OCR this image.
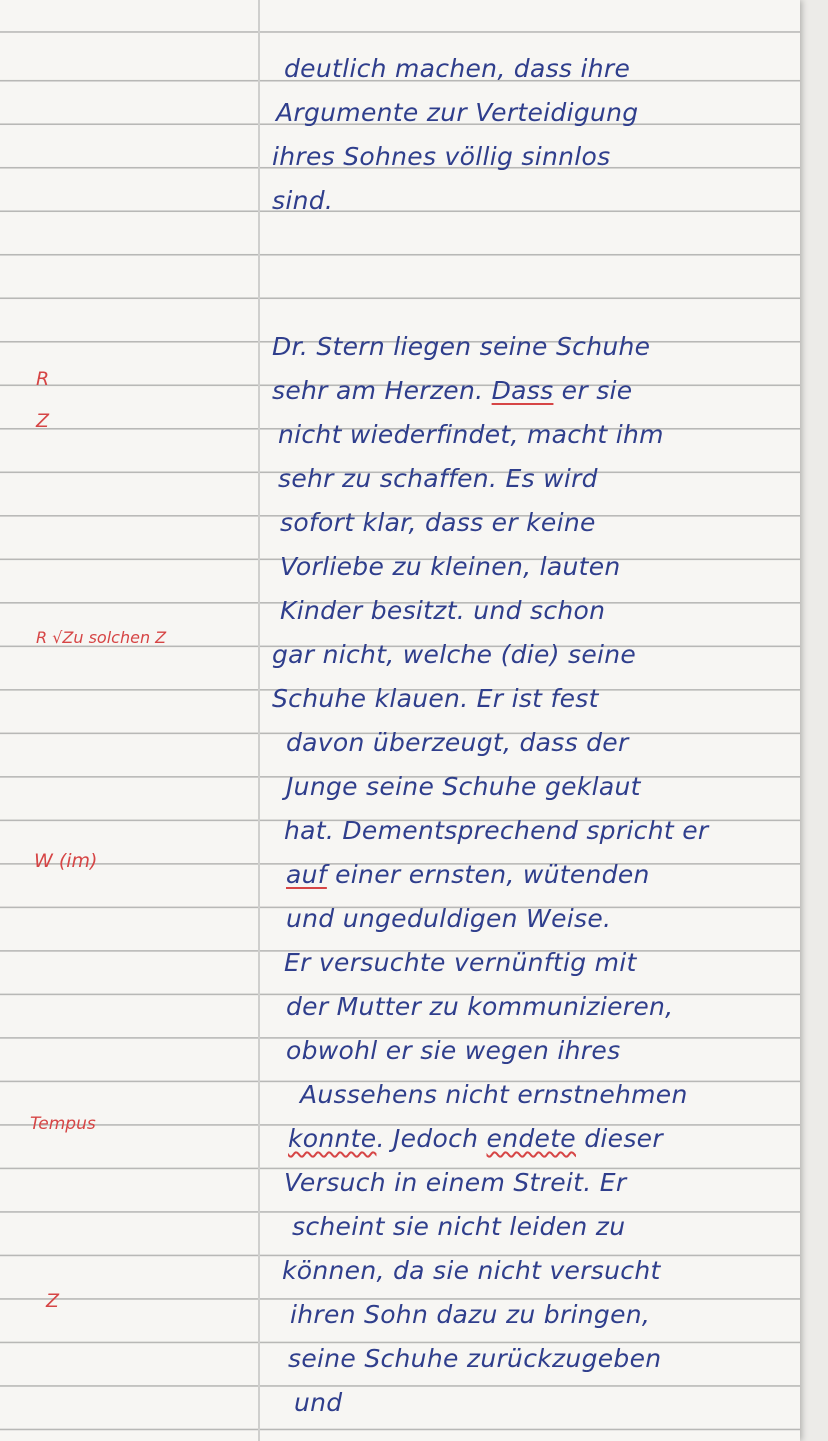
R
Z
R √Zu solchen Z
W (im)
Tempus
Z
deutlich machen, dass ihre
Argumente zur Verteidigung
ihres Sohnes völlig sinnlos
sind.
Dr. Stern liegen seine Schuhe
sehr am Herzen. Dass er sie
nicht wiederfindet, macht ihm
sehr zu schaffen. Es wird
sofort klar, dass er keine
Vorliebe zu kleinen, lauten
Kinder besitzt. und schon
gar nicht, welche (die) seine
Schuhe klauen. Er ist fest
davon überzeugt, dass der
Junge seine Schuhe geklaut
hat. Dementsprechend spricht er
auf einer ernsten, wütenden
und ungeduldigen Weise.
Er versuchte vernünftig mit
der Mutter zu kommunizieren,
obwohl er sie wegen ihres
Aussehens nicht ernstnehmen
konnte. Jedoch endete dieser
Versuch in einem Streit. Er
scheint sie nicht leiden zu
können, da sie nicht versucht
ihren Sohn dazu zu bringen,
seine Schuhe zurückzugeben
und
